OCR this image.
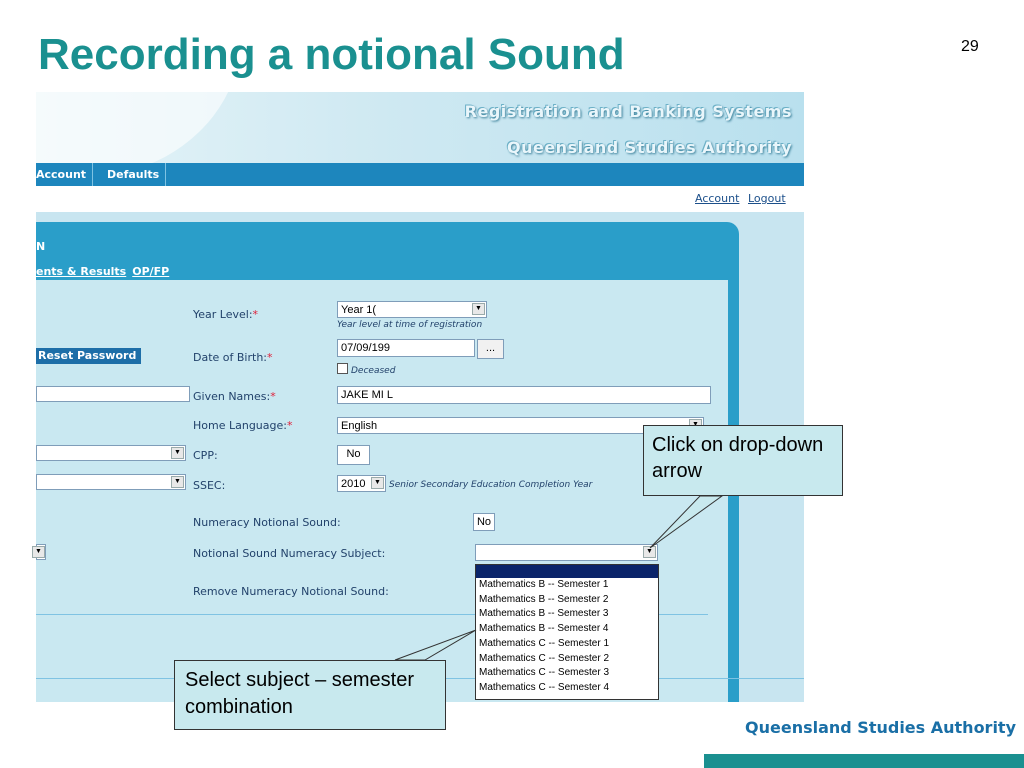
Recording a notional Sound	29
Registration and Banking Systems
Queensland Studies Authority
Account	Defaults
Account Logout
N
ents & Results OP/FP
Reset Password
▼
▼
▼
Year Level:*	Year 1(	▼
Year level at time of registration
Date of Birth:*
07/09/199	...
Deceased
Given Names:*	JAKE MI L
Home Language:*	English
CPP:	No
SSEC:	2010	▼ Senior Secondary Education Completion Year
Numeracy Notional Sound:	No
Notional Sound Numeracy Subject:	▼
Remove Numeracy Notional Sound:
Mathematics B -- Semester 1
Mathematics B -- Semester 2
Mathematics B -- Semester 3
Mathematics B -- Semester 4
Mathematics C -- Semester 1
Mathematics C -- Semester 2
Mathematics C -- Semester 3
Mathematics C -- Semester 4
Click on drop-down arrow
Select subject – semester combination
Queensland Studies Authority
